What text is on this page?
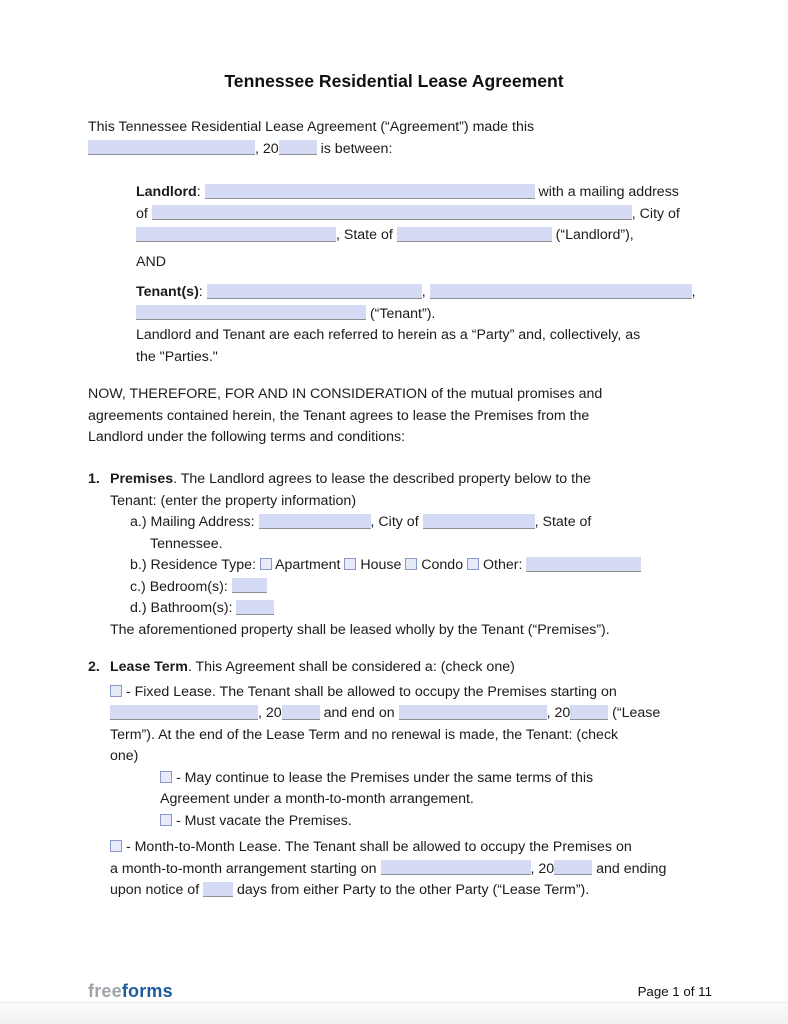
Tennessee Residential Lease Agreement
This Tennessee Residential Lease Agreement (“Agreement”) made this
, 20	is between:
Landlord:	with a mailing address
of	, City of
, State of	(“Landlord”),
AND
Tenant(s):	,	,
(“Tenant”).
Landlord and Tenant are each referred to herein as a “Party” and, collectively, as
the "Parties."
NOW, THEREFORE, FOR AND IN CONSIDERATION of the mutual promises and
agreements contained herein, the Tenant agrees to lease the Premises from the
Landlord under the following terms and conditions:
1. Premises. The Landlord agrees to lease the described property below to the
Tenant: (enter the property information)
a.) Mailing Address:	, City of	, State of
Tennessee.
b.) Residence Type:  Apartment  House  Condo  Other:
c.) Bedroom(s):
d.) Bathroom(s):
The aforementioned property shall be leased wholly by the Tenant (“Premises”).
2. Lease Term. This Agreement shall be considered a: (check one)
- Fixed Lease. The Tenant shall be allowed to occupy the Premises starting on
, 20	and end on	, 20	(“Lease
Term”). At the end of the Lease Term and no renewal is made, the Tenant: (check
one)
- May continue to lease the Premises under the same terms of this
Agreement under a month-to-month arrangement.
- Must vacate the Premises.
- Month-to-Month Lease. The Tenant shall be allowed to occupy the Premises on
a month-to-month arrangement starting on	, 20	and ending
upon notice of  days from either Party to the other Party (“Lease Term”).
freeforms	Page 1 of 11
